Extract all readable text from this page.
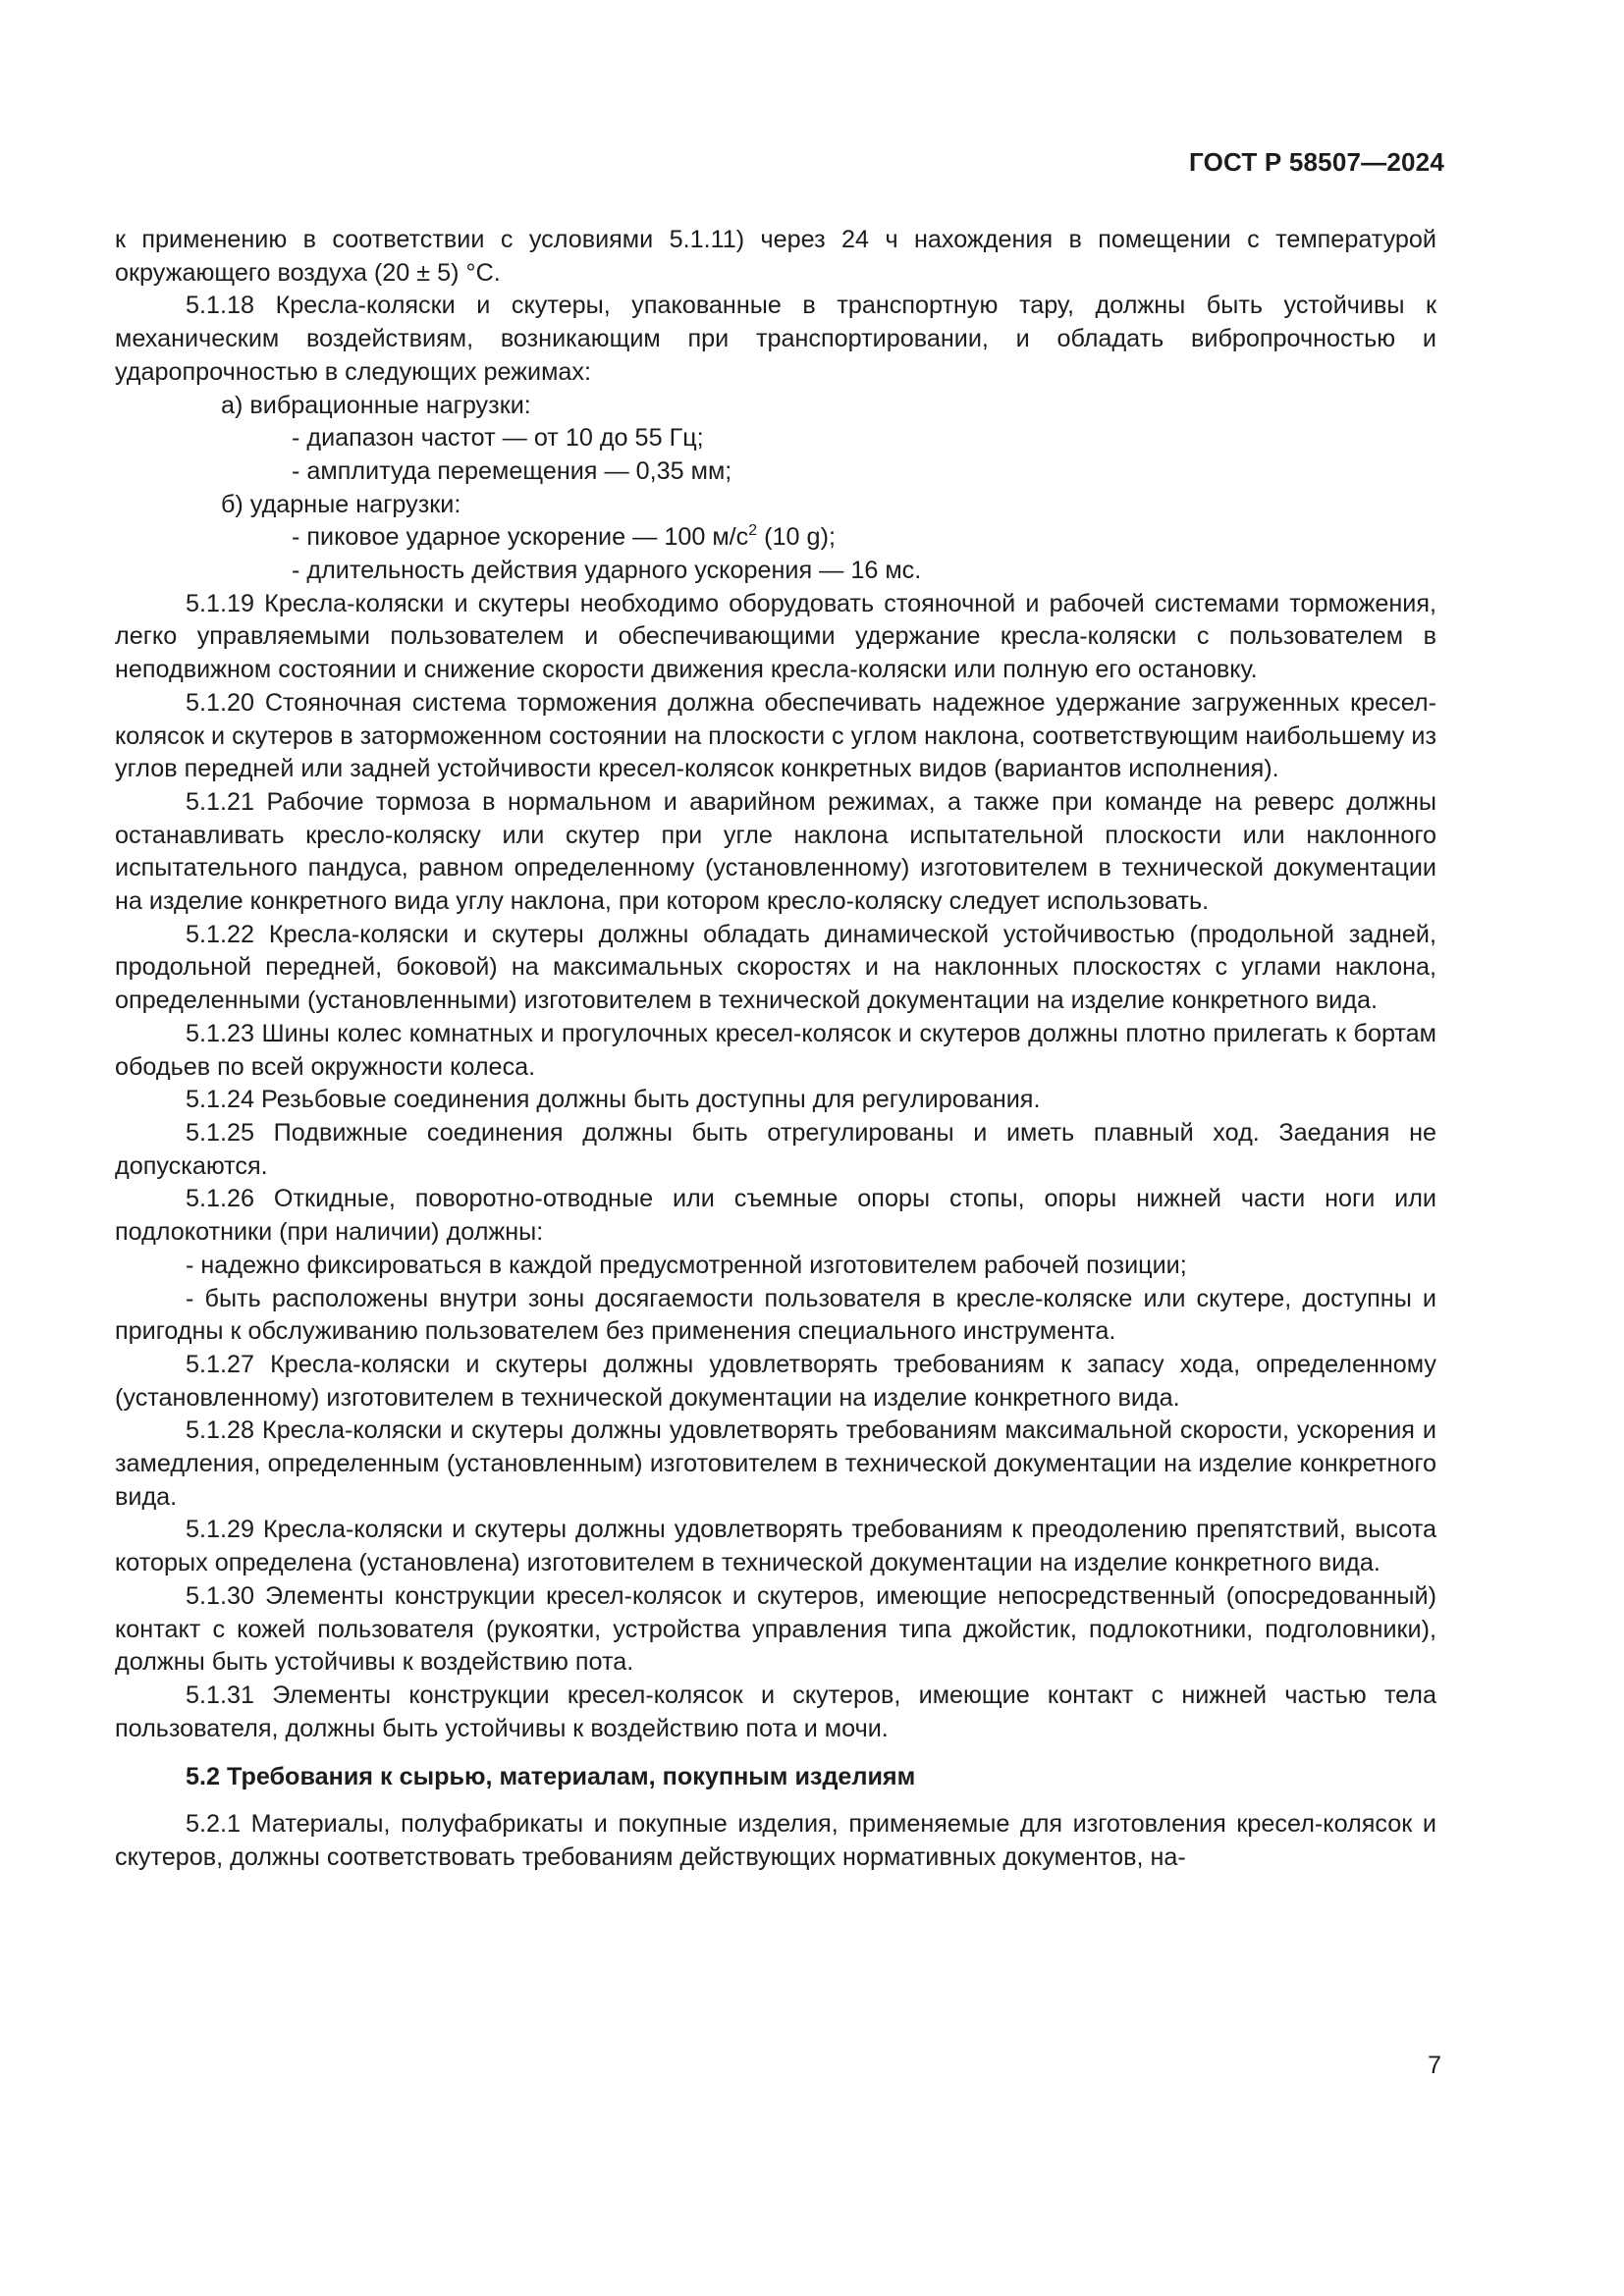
ГОСТ Р 58507—2024

к применению в соответствии с условиями 5.1.11) через 24 ч нахождения в помещении с температурой окружающего воздуха (20 ± 5) °С.

5.1.18 Кресла-коляски и скутеры, упакованные в транспортную тару, должны быть устойчивы к механическим воздействиям, возникающим при транспортировании, и обладать вибропрочностью и ударопрочностью в следующих режимах:

а) вибрационные нагрузки:

- диапазон частот — от 10 до 55 Гц;

- амплитуда перемещения — 0,35 мм;

б) ударные нагрузки:

- пиковое ударное ускорение — 100 $м/с^2$ (10 g);

- длительность действия ударного ускорения — 16 мс.

5.1.19 Кресла-коляски и скутеры необходимо оборудовать стояночной и рабочей системами торможения, легко управляемыми пользователем и обеспечивающими удержание кресла-коляски с пользователем в неподвижном состоянии и снижение скорости движения кресла-коляски или полную его остановку.

5.1.20 Стояночная система торможения должна обеспечивать надежное удержание загруженных кресел-колясок и скутеров в заторможенном состоянии на плоскости с углом наклона, соответствующим наибольшему из углов передней или задней устойчивости кресел-колясок конкретных видов (вариантов исполнения).

5.1.21 Рабочие тормоза в нормальном и аварийном режимах, а также при команде на реверс должны останавливать кресло-коляску или скутер при угле наклона испытательной плоскости или наклонного испытательного пандуса, равном определенному (установленному) изготовителем в технической документации на изделие конкретного вида углу наклона, при котором кресло-коляску следует использовать.

5.1.22 Кресла-коляски и скутеры должны обладать динамической устойчивостью (продольной задней, продольной передней, боковой) на максимальных скоростях и на наклонных плоскостях с углами наклона, определенными (установленными) изготовителем в технической документации на изделие конкретного вида.

5.1.23 Шины колес комнатных и прогулочных кресел-колясок и скутеров должны плотно прилегать к бортам ободьев по всей окружности колеса.

5.1.24 Резьбовые соединения должны быть доступны для регулирования.

5.1.25 Подвижные соединения должны быть отрегулированы и иметь плавный ход. Заедания не допускаются.

5.1.26 Откидные, поворотно-отводные или съемные опоры стопы, опоры нижней части ноги или подлокотники (при наличии) должны:

- надежно фиксироваться в каждой предусмотренной изготовителем рабочей позиции;

- быть расположены внутри зоны досягаемости пользователя в кресле-коляске или скутере, доступны и пригодны к обслуживанию пользователем без применения специального инструмента.

5.1.27 Кресла-коляски и скутеры должны удовлетворять требованиям к запасу хода, определенному (установленному) изготовителем в технической документации на изделие конкретного вида.

5.1.28 Кресла-коляски и скутеры должны удовлетворять требованиям максимальной скорости, ускорения и замедления, определенным (установленным) изготовителем в технической документации на изделие конкретного вида.

5.1.29 Кресла-коляски и скутеры должны удовлетворять требованиям к преодолению препятствий, высота которых определена (установлена) изготовителем в технической документации на изделие конкретного вида.

5.1.30 Элементы конструкции кресел-колясок и скутеров, имеющие непосредственный (опосредованный) контакт с кожей пользователя (рукоятки, устройства управления типа джойстик, подлокотники, подголовники), должны быть устойчивы к воздействию пота.

5.1.31 Элементы конструкции кресел-колясок и скутеров, имеющие контакт с нижней частью тела пользователя, должны быть устойчивы к воздействию пота и мочи.

5.2 Требования к сырью, материалам, покупным изделиям

5.2.1 Материалы, полуфабрикаты и покупные изделия, применяемые для изготовления кресел-колясок и скутеров, должны соответствовать требованиям действующих нормативных документов, на-

7
